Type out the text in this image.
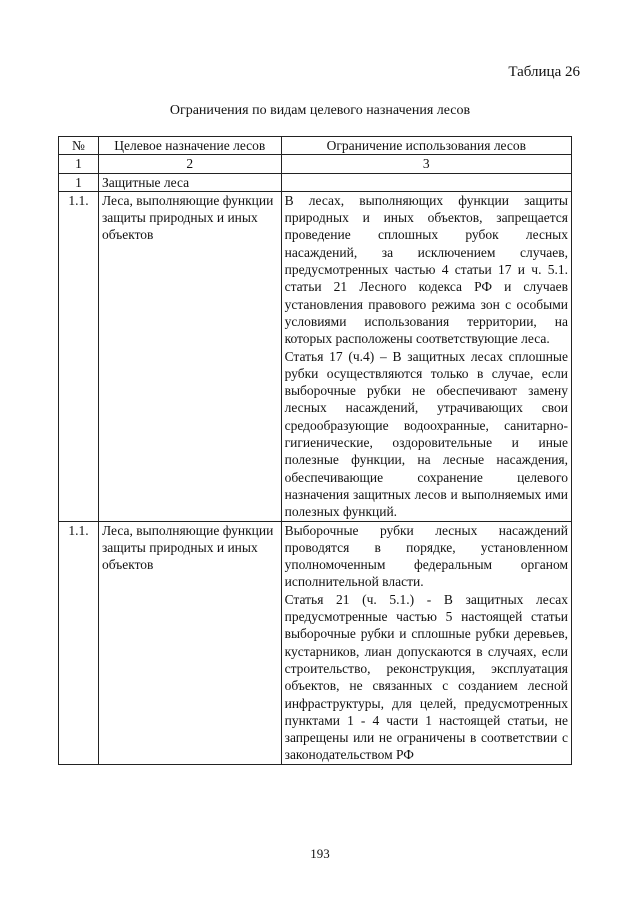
Таблица 26
Ограничения по видам целевого назначения лесов
№	Целевое назначение лесов	Ограничение использования лесов
1	2	3
1	Защитные леса	
1.1.	Леса, выполняющие функции защиты природных и иных объектов	В лесах, выполняющих функции защиты природных и иных объектов, запрещается проведение сплошных рубок лесных насаждений, за исключением случаев, предусмотренных частью 4 статьи 17 и ч. 5.1. статьи 21 Лесного кодекса РФ и случаев установления правового режима зон с особыми условиями использования территории, на которых расположены соответствующие леса.
Статья 17 (ч.4) – В защитных лесах сплошные рубки осуществляются только в случае, если выборочные рубки не обеспечивают замену лесных насаждений, утрачивающих свои средообразующие водоохранные, санитарно-гигиенические, оздоровительные и иные полезные функции, на лесные насаждения, обеспечивающие сохранение целевого назначения защитных лесов и выполняемых ими полезных функций.

1.1.	Леса, выполняющие функции защиты природных и иных объектов	Выборочные рубки лесных насаждений проводятся в порядке, установленном уполномоченным федеральным органом исполнительной власти.
Статья 21 (ч. 5.1.) - В защитных лесах предусмотренные частью 5 настоящей статьи выборочные рубки и сплошные рубки деревьев, кустарников, лиан допускаются в случаях, если строительство, реконструкция, эксплуатация объектов, не связанных с созданием лесной инфраструктуры, для целей, предусмотренных пунктами 1 - 4 части 1 настоящей статьи, не запрещены или не ограничены в соответствии с законодательством РФ
193
